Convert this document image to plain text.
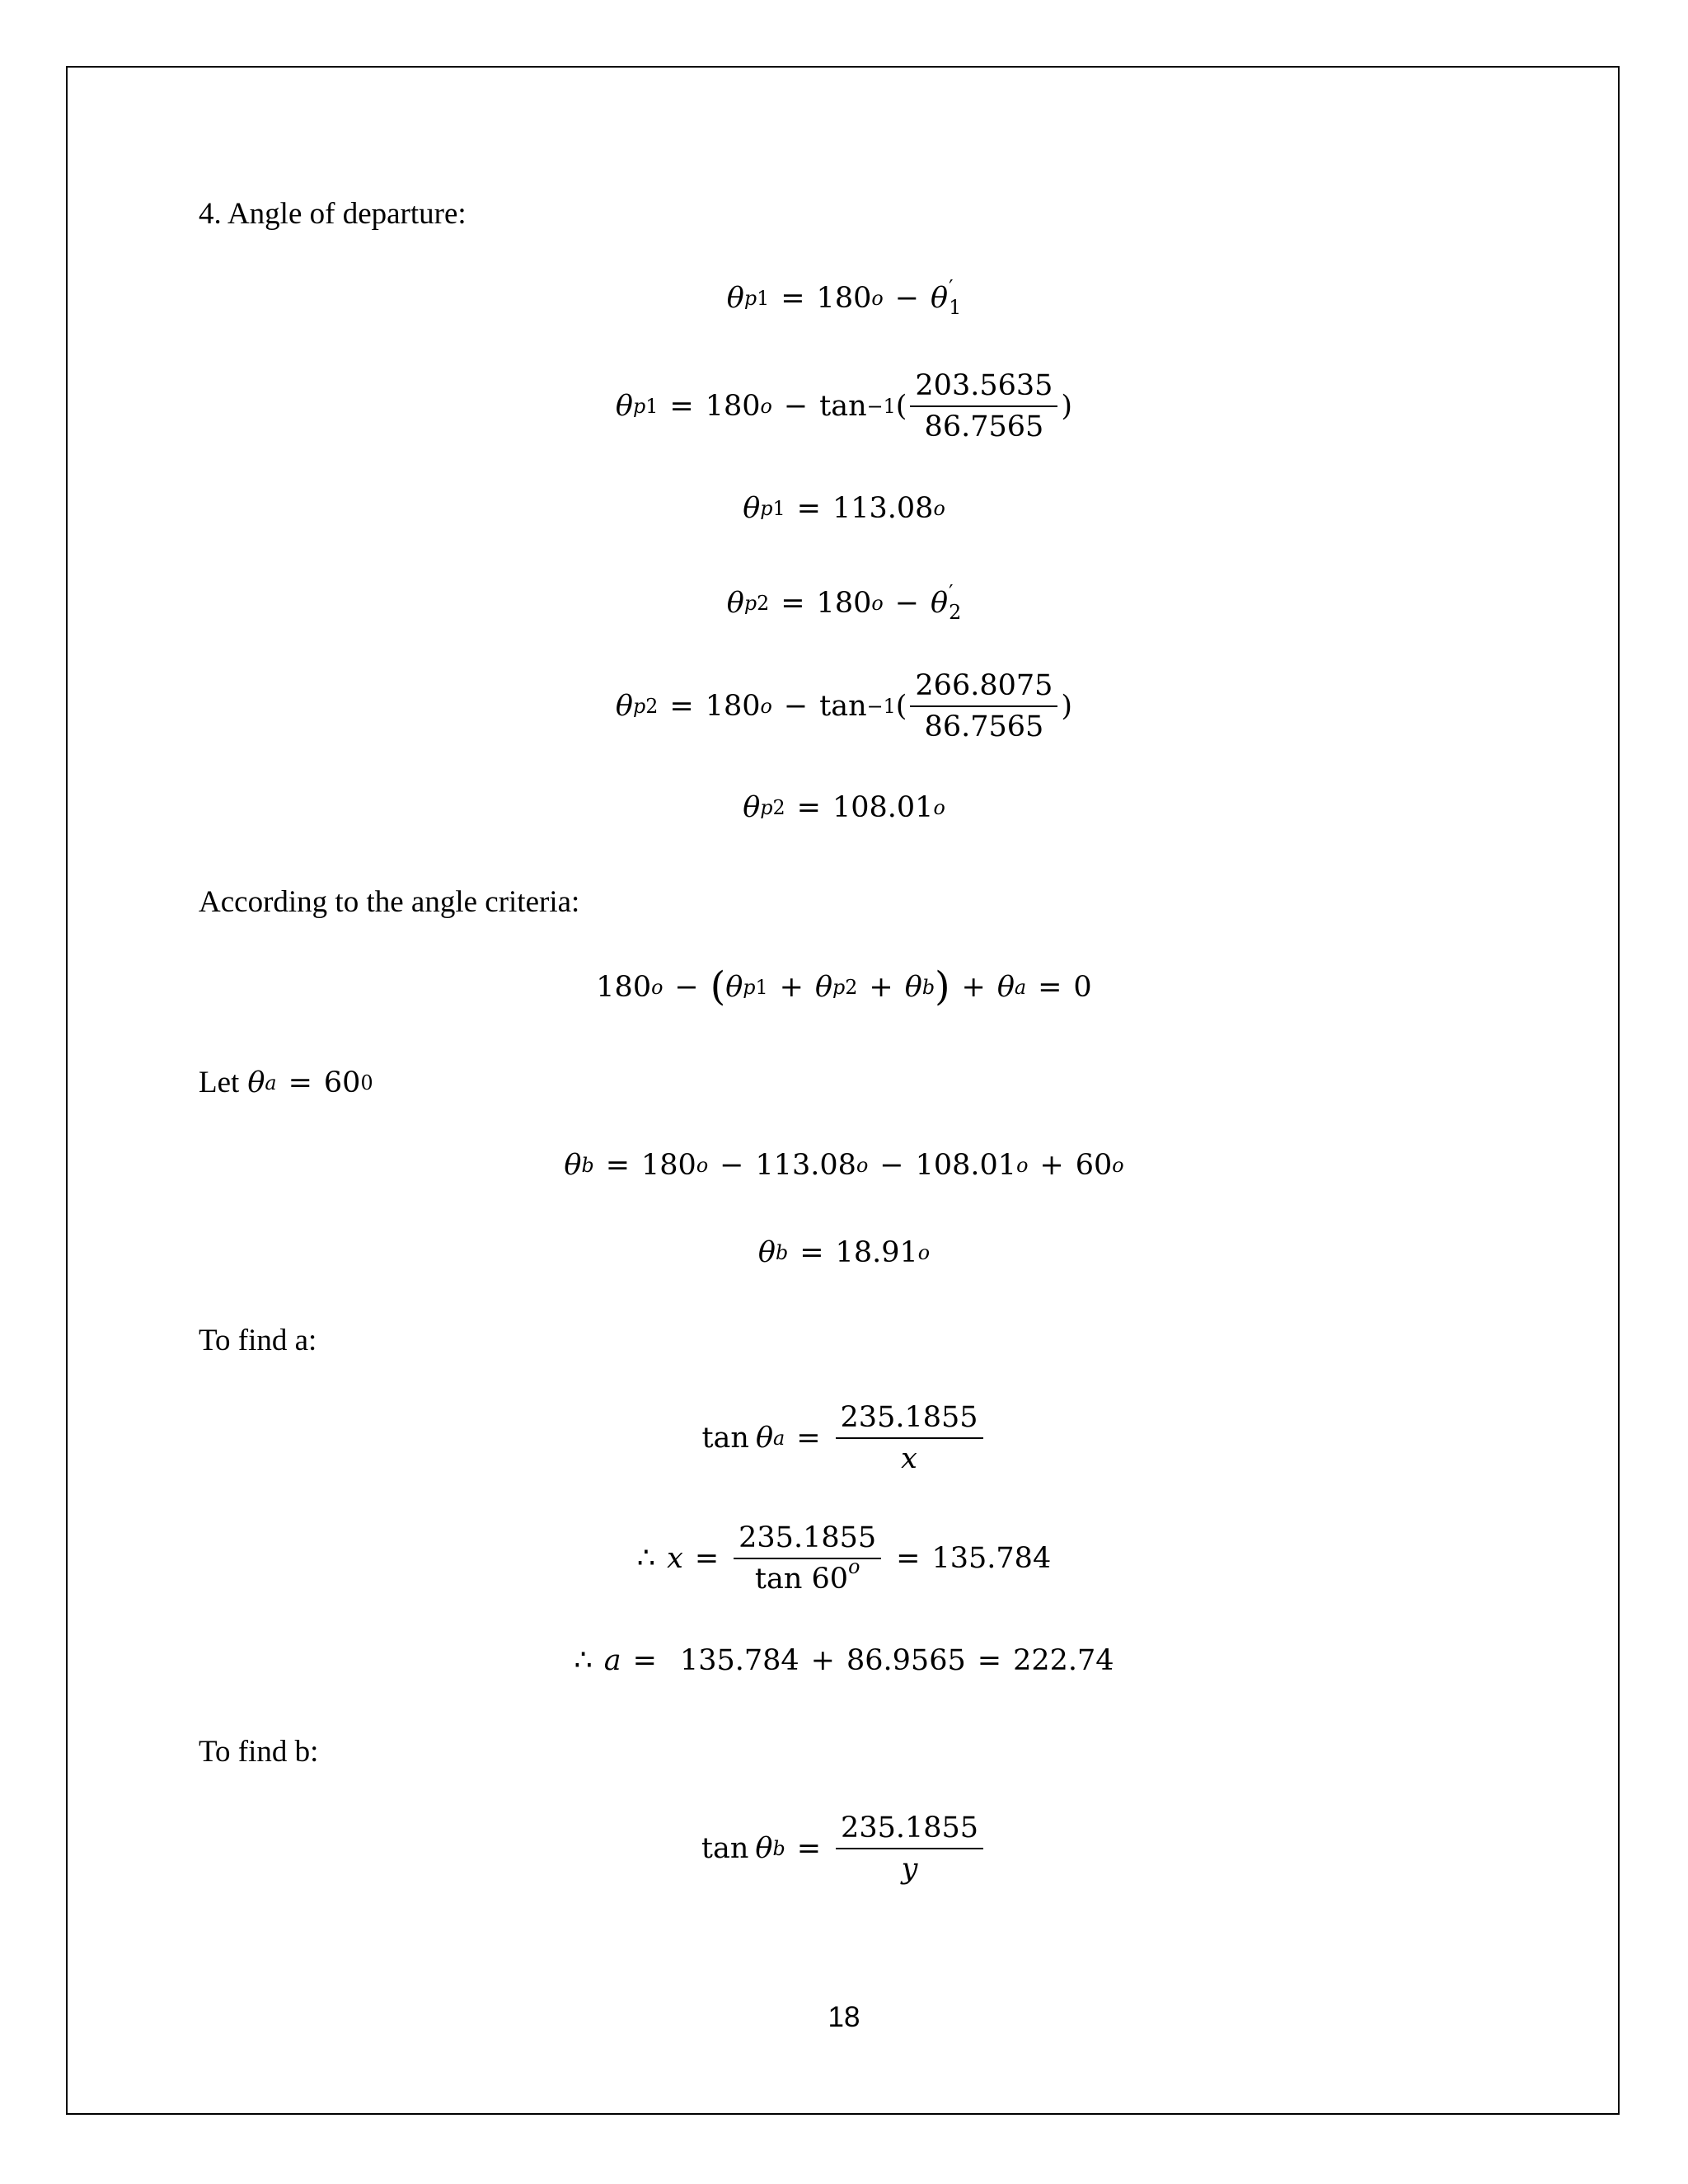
4. Angle of departure:
θ p1 = 180 o − θ ′
1
θ p1 = 180 o −
tan −1 ( $\frac{203.5635}{86.7565}$ )
θ p1 = 113.08 o
θ p2 = 180 o − θ ′
2
θ p2 = 180 o −
tan −1 ( $\frac{266.8075}{86.7565}$ )
θ p2 = 108.01 o
According to the angle criteria:
180 o − ( θ p1 + θ p2 + θ b ) + θ a = 0
Let θ a = 60 0
θ b = 180 o − 113.08 o − 108.01 o + 60 o
θ b = 18.91 o
To find a:
tan θ $a = \frac{235.1855}{x}$
∴ $x = \frac{235.1855}{\tan 60^o} = 135.784$
∴ a = 135.784 + 86.9565 = 222.74
To find b:
tan θ $b = \frac{235.1855}{y}$
18
